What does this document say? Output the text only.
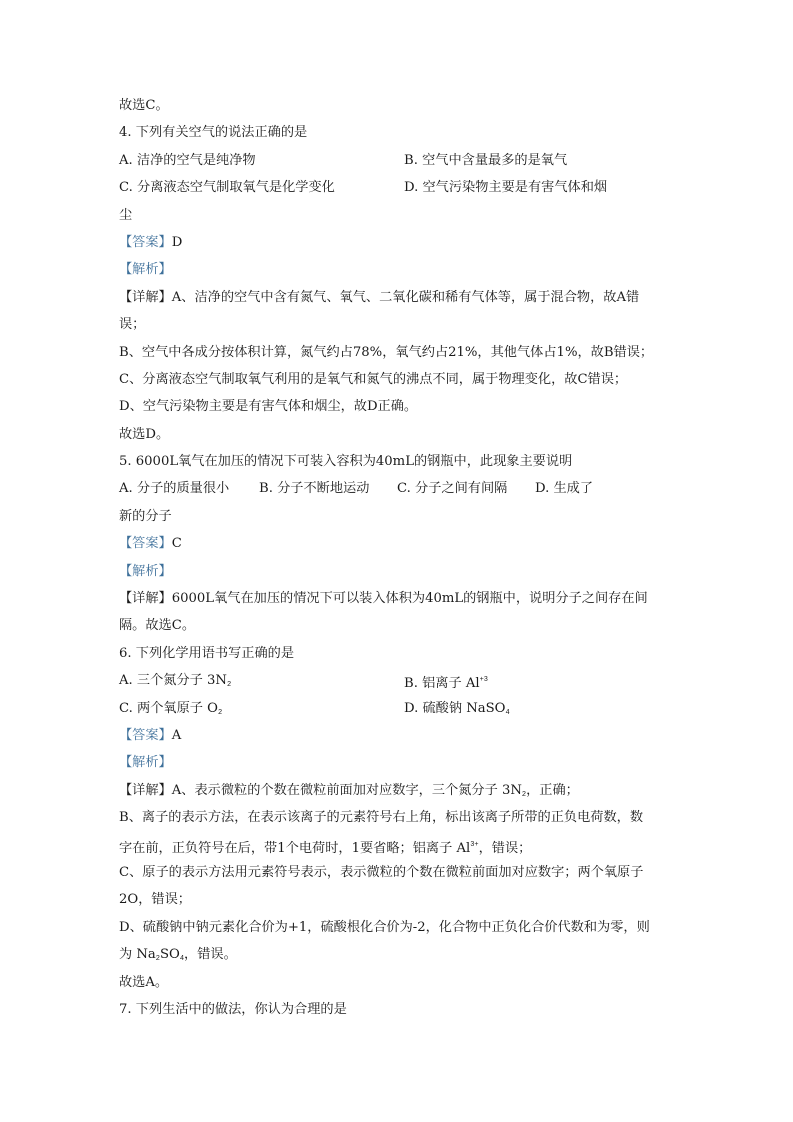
故选C。
4. 下列有关空气的说法正确的是
A. 洁净的空气是纯净物	B. 空气中含量最多的是氧气
C. 分离液态空气制取氧气是化学变化	D. 空气污染物主要是有害气体和烟
尘
【答案】D
【解析】
【详解】A、洁净的空气中含有氮气、氧气、二氧化碳和稀有气体等，属于混合物，故A错
误；
B、空气中各成分按体积计算，氮气约占78%，氧气约占21%，其他气体占1%，故B错误；
C、分离液态空气制取氧气利用的是氧气和氮气的沸点不同，属于物理变化，故C错误；
D、空气污染物主要是有害气体和烟尘，故D正确。
故选D。
5. 6000L氧气在加压的情况下可装入容积为40mL的钢瓶中，此现象主要说明
A. 分子的质量很小	B. 分子不断地运动	C. 分子之间有间隔	D. 生成了
新的分子
【答案】C
【解析】
【详解】6000L氧气在加压的情况下可以装入体积为40mL的钢瓶中，说明分子之间存在间
隔。故选C。
6. 下列化学用语书写正确的是
A. 三个氮分子 $3N_2$	B. 铝离子 $Al^{+3}$
C. 两个氧原子 $O_2$	D. 硫酸钠 NaSO$_4$
【答案】A
【解析】
【详解】A、表示微粒的个数在微粒前面加对应数字，三个氮分子 $3N_2$，正确；
B、离子的表示方法，在表示该离子的元素符号右上角，标出该离子所带的正负电荷数，数
字在前，正负符号在后，带1个电荷时，1要省略；铝离子 $Al^{3+}$，错误；
C、原子的表示方法用元素符号表示，表示微粒的个数在微粒前面加对应数字；两个氧原子
2O，错误；
D、硫酸钠中钠元素化合价为+1，硫酸根化合价为-2，化合物中正负化合价代数和为零，则
为 $Na_2SO_4$，错误。
故选A。
7. 下列生活中的做法，你认为合理的是
